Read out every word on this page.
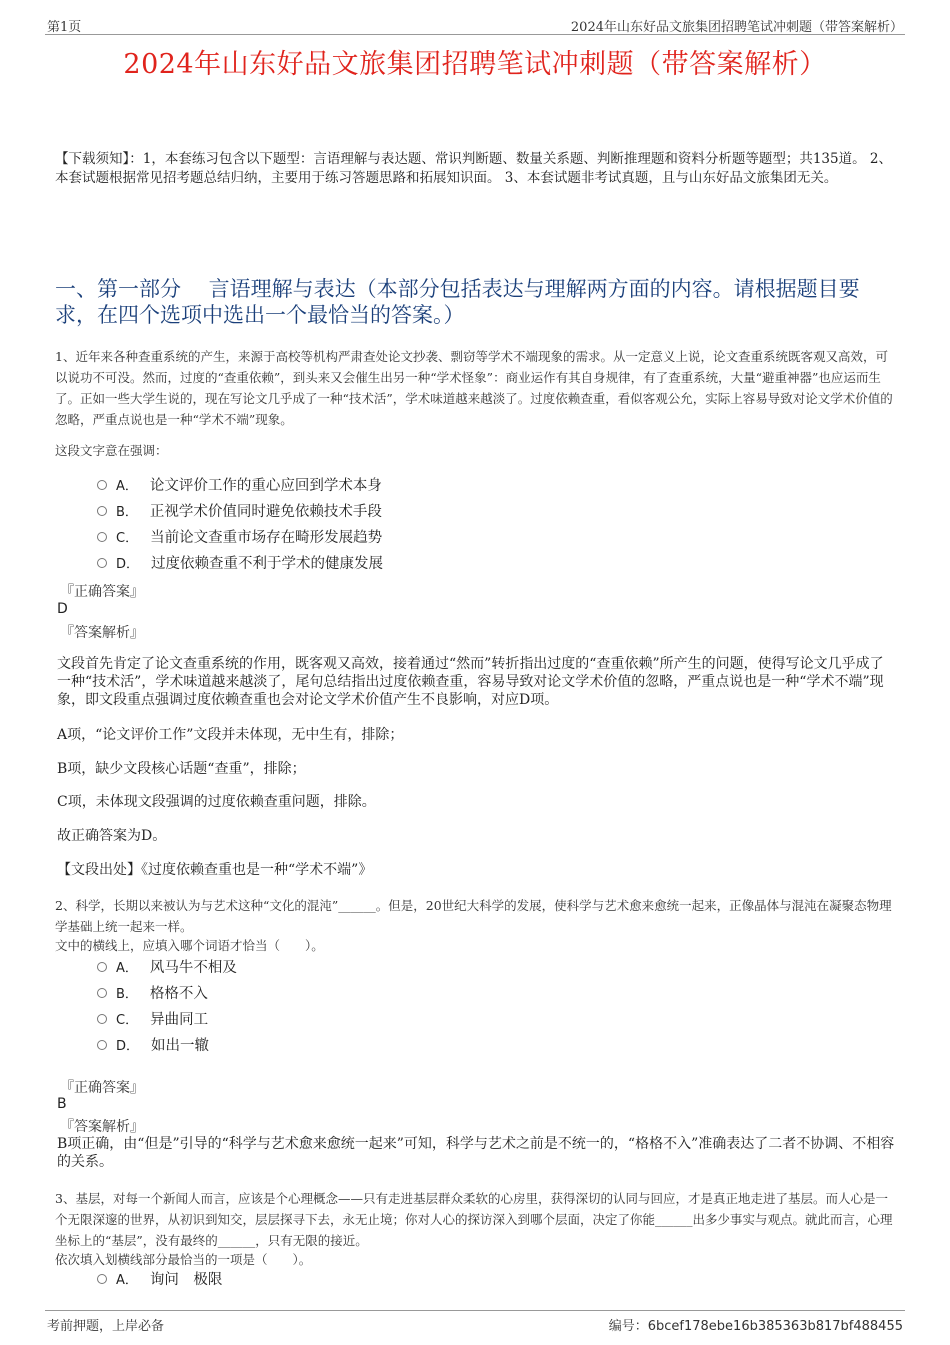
第1页	2024年山东好品文旅集团招聘笔试冲刺题（带答案解析）
2024年山东好品文旅集团招聘笔试冲刺题（带答案解析）
【下载须知】：1，本套练习包含以下题型：言语理解与表达题、常识判断题、数量关系题、判断推理题和资料分析题等题型；共135道。 2、本套试题根据常见招考题总结归纳，主要用于练习答题思路和拓展知识面。 3、本套试题非考试真题，且与山东好品文旅集团无关。
一、第一部分　 言语理解与表达（本部分包括表达与理解两方面的内容。请根据题目要求，在四个选项中选出一个最恰当的答案。）
1、近年来各种查重系统的产生，来源于高校等机构严肃查处论文抄袭、剽窃等学术不端现象的需求。从一定意义上说，论文查重系统既客观又高效，可以说功不可没。然而，过度的“查重依赖”，到头来又会催生出另一种“学术怪象”：商业运作有其自身规律，有了查重系统，大量“避重神器”也应运而生了。正如一些大学生说的，现在写论文几乎成了一种“技术活”，学术味道越来越淡了。过度依赖查重，看似客观公允，实际上容易导致对论文学术价值的忽略，严重点说也是一种“学术不端”现象。
这段文字意在强调：
A． 论文评价工作的重心应回到学术本身
B． 正视学术价值同时避免依赖技术手段
C． 当前论文查重市场存在畸形发展趋势
D． 过度依赖查重不利于学术的健康发展
『正确答案』
D
『答案解析』
文段首先肯定了论文查重系统的作用，既客观又高效，接着通过“然而”转折指出过度的“查重依赖”所产生的问题，使得写论文几乎成了一种“技术活”，学术味道越来越淡了，尾句总结指出过度依赖查重，容易导致对论文学术价值的忽略，严重点说也是一种“学术不端”现象，即文段重点强调过度依赖查重也会对论文学术价值产生不良影响，对应D项。
A项，“论文评价工作”文段并未体现，无中生有，排除；
B项，缺少文段核心话题“查重”，排除；
C项，未体现文段强调的过度依赖查重问题，排除。
故正确答案为D。
【文段出处】《过度依赖查重也是一种“学术不端”》
2、科学，长期以来被认为与艺术这种“文化的混沌”______。但是，20世纪大科学的发展，使科学与艺术愈来愈统一起来，正像晶体与混沌在凝聚态物理学基础上统一起来一样。
文中的横线上，应填入哪个词语才恰当（　　）。
A． 风马牛不相及
B． 格格不入
C． 异曲同工
D． 如出一辙
『正确答案』
B
『答案解析』
B项正确，由“但是”引导的“科学与艺术愈来愈统一起来”可知，科学与艺术之前是不统一的，“格格不入”准确表达了二者不协调、不相容的关系。
3、基层，对每一个新闻人而言，应该是个心理概念——只有走进基层群众柔软的心房里，获得深切的认同与回应，才是真正地走进了基层。而人心是一个无限深邃的世界，从初识到知交，层层探寻下去，永无止境；你对人心的探访深入到哪个层面，决定了你能______出多少事实与观点。就此而言，心理坐标上的“基层”，没有最终的______，只有无限的接近。
依次填入划横线部分最恰当的一项是（　　）。
A． 询问　极限
考前押题，上岸必备	编号：6bcef178ebe16b385363b817bf488455
